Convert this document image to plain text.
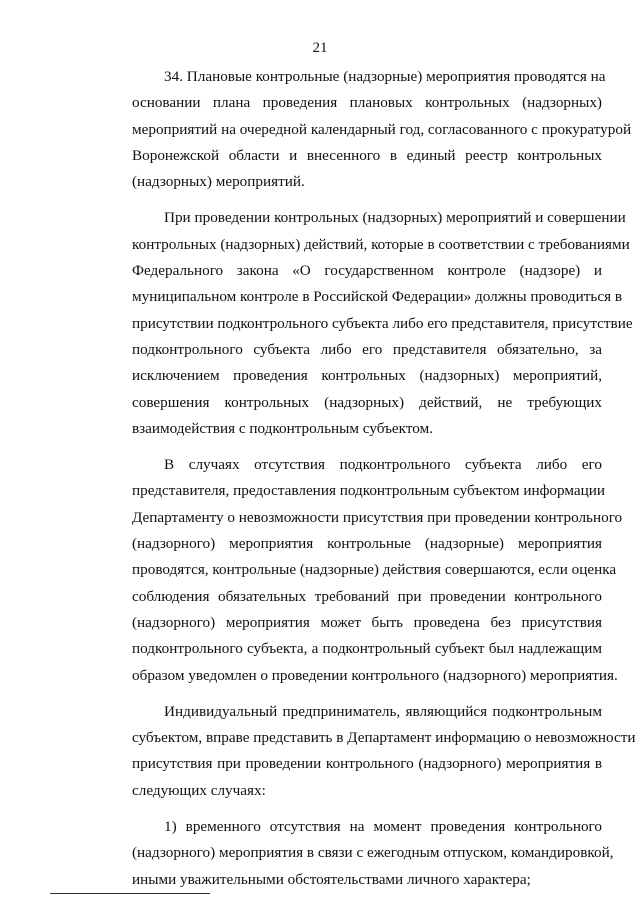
21
34. Плановые контрольные (надзорные) мероприятия проводятся на
основании плана проведения плановых контрольных (надзорных)
мероприятий на очередной календарный год, согласованного с прокуратурой
Воронежской области и внесенного в единый реестр контрольных
(надзорных) мероприятий.
При проведении контрольных (надзорных) мероприятий и совершении
контрольных (надзорных) действий, которые в соответствии с требованиями
Федерального закона «О государственном контроле (надзоре) и
муниципальном контроле в Российской Федерации» должны проводиться в
присутствии подконтрольного субъекта либо его представителя, присутствие
подконтрольного субъекта либо его представителя обязательно, за
исключением проведения контрольных (надзорных) мероприятий,
совершения контрольных (надзорных) действий, не требующих
взаимодействия с подконтрольным субъектом.
В случаях отсутствия подконтрольного субъекта либо его
представителя, предоставления подконтрольным субъектом информации
Департаменту о невозможности присутствия при проведении контрольного
(надзорного) мероприятия контрольные (надзорные) мероприятия
проводятся, контрольные (надзорные) действия совершаются, если оценка
соблюдения обязательных требований при проведении контрольного
(надзорного) мероприятия может быть проведена без присутствия
подконтрольного субъекта, а подконтрольный субъект был надлежащим
образом уведомлен о проведении контрольного (надзорного) мероприятия.
Индивидуальный предприниматель, являющийся подконтрольным
субъектом, вправе представить в Департамент информацию о невозможности
присутствия при проведении контрольного (надзорного) мероприятия в
следующих случаях:
1) временного отсутствия на момент проведения контрольного
(надзорного) мероприятия в связи с ежегодным отпуском, командировкой,
иными уважительными обстоятельствами личного характера;
